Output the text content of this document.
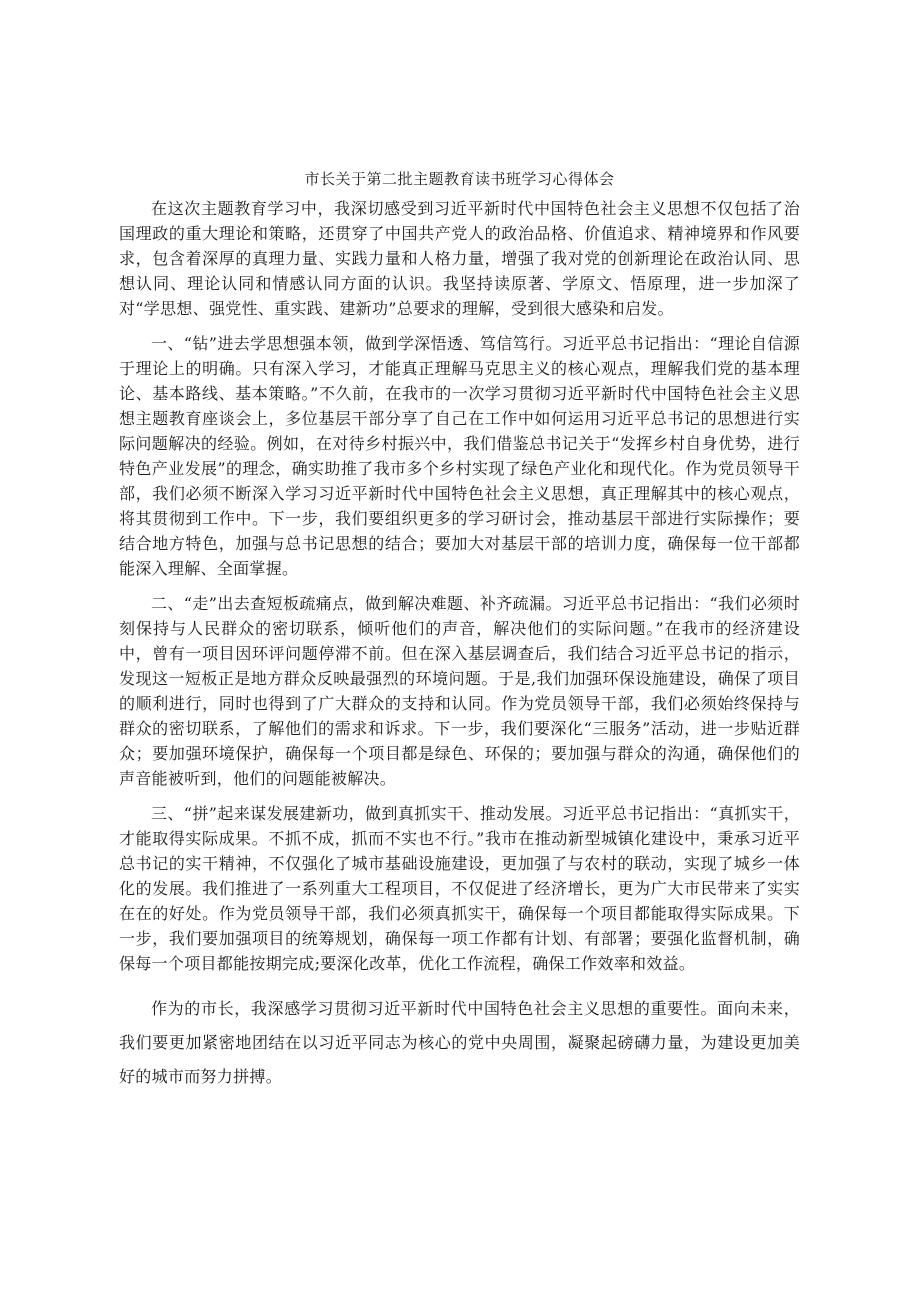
市长关于第二批主题教育读书班学习心得体会

在这次主题教育学习中，我深切感受到习近平新时代中国特色社会主义思想不仅包括了治国理政的重大理论和策略，还贯穿了中国共产党人的政治品格、价值追求、精神境界和作风要求，包含着深厚的真理力量、实践力量和人格力量，增强了我对党的创新理论在政治认同、思想认同、理论认同和情感认同方面的认识。我坚持读原著、学原文、悟原理，进一步加深了对“学思想、强党性、重实践、建新功”总要求的理解，受到很大感染和启发。

一、“钻”进去学思想强本领，做到学深悟透、笃信笃行。习近平总书记指出：“理论自信源于理论上的明确。只有深入学习，才能真正理解马克思主义的核心观点，理解我们党的基本理论、基本路线、基本策略。”不久前，在我市的一次学习贯彻习近平新时代中国特色社会主义思想主题教育座谈会上，多位基层干部分享了自己在工作中如何运用习近平总书记的思想进行实际问题解决的经验。例如，在对待乡村振兴中，我们借鉴总书记关于“发挥乡村自身优势，进行特色产业发展”的理念，确实助推了我市多个乡村实现了绿色产业化和现代化。作为党员领导干部，我们必须不断深入学习习近平新时代中国特色社会主义思想，真正理解其中的核心观点，将其贯彻到工作中。下一步，我们要组织更多的学习研讨会，推动基层干部进行实际操作；要结合地方特色，加强与总书记思想的结合；要加大对基层干部的培训力度，确保每一位干部都能深入理解、全面掌握。

二、“走”出去查短板疏痛点，做到解决难题、补齐疏漏。习近平总书记指出：“我们必须时刻保持与人民群众的密切联系，倾听他们的声音，解决他们的实际问题。”在我市的经济建设中，曾有一项目因环评问题停滞不前。但在深入基层调查后，我们结合习近平总书记的指示，发现这一短板正是地方群众反映最强烈的环境问题。于是,我们加强环保设施建设，确保了项目的顺利进行，同时也得到了广大群众的支持和认同。作为党员领导干部，我们必须始终保持与群众的密切联系，了解他们的需求和诉求。下一步，我们要深化“三服务”活动，进一步贴近群众；要加强环境保护，确保每一个项目都是绿色、环保的；要加强与群众的沟通，确保他们的声音能被听到，他们的问题能被解决。

三、“拼”起来谋发展建新功，做到真抓实干、推动发展。习近平总书记指出：“真抓实干，才能取得实际成果。不抓不成，抓而不实也不行。”我市在推动新型城镇化建设中，秉承习近平总书记的实干精神，不仅强化了城市基础设施建设，更加强了与农村的联动，实现了城乡一体化的发展。我们推进了一系列重大工程项目，不仅促进了经济增长，更为广大市民带来了实实在在的好处。作为党员领导干部，我们必须真抓实干，确保每一个项目都能取得实际成果。下一步，我们要加强项目的统筹规划，确保每一项工作都有计划、有部署；要强化监督机制，确保每一个项目都能按期完成;要深化改革，优化工作流程，确保工作效率和效益。

作为的市长，我深感学习贯彻习近平新时代中国特色社会主义思想的重要性。面向未来，我们要更加紧密地团结在以习近平同志为核心的党中央周围，凝聚起磅礴力量，为建设更加美好的城市而努力拼搏。
